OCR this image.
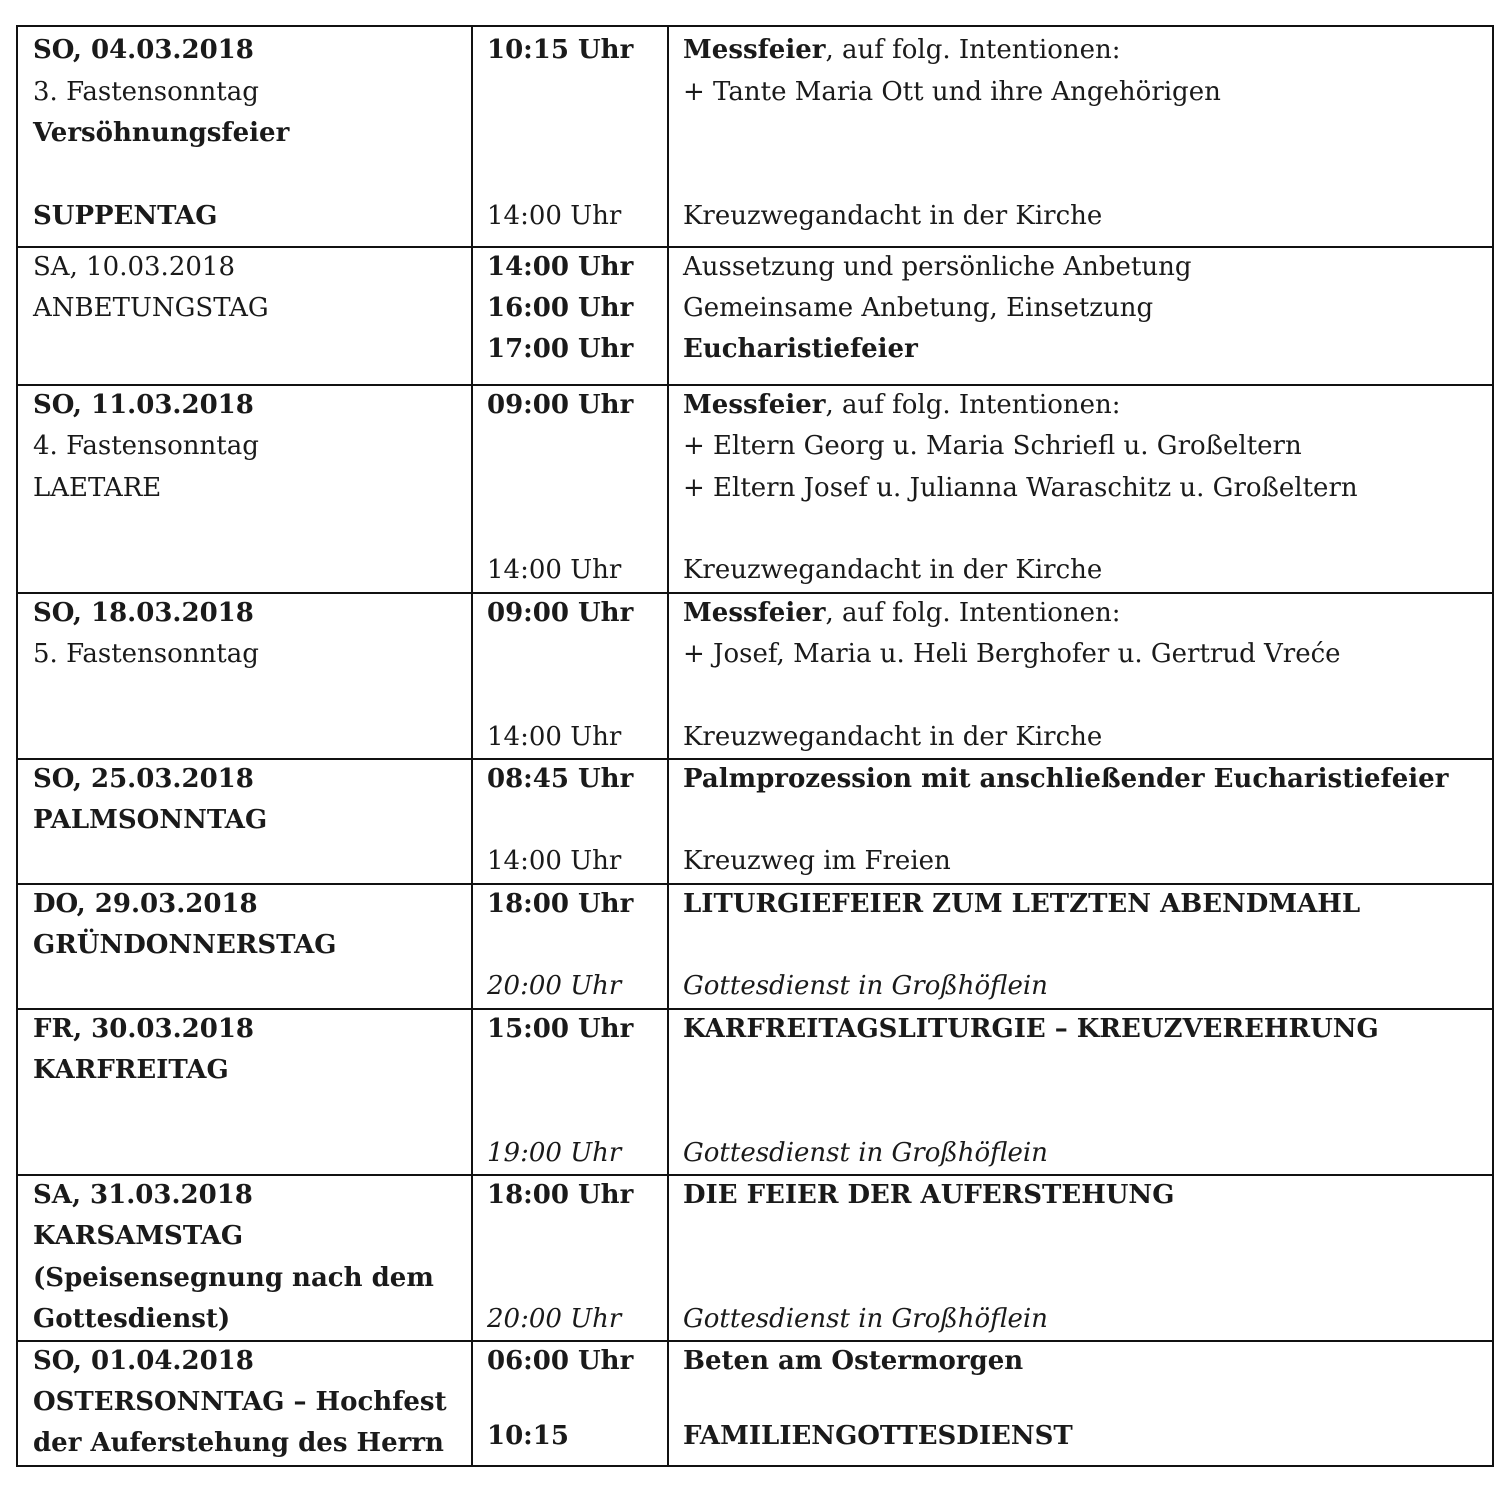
SO, 04.03.2018
3. Fastensonntag
Versöhnungsfeier
SUPPENTAG
10:15 Uhr
14:00 Uhr
Messfeier, auf folg. Intentionen:
+ Tante Maria Ott und ihre Angehörigen
Kreuzwegandacht in der Kirche
SA, 10.03.2018
ANBETUNGSTAG
14:00 Uhr
16:00 Uhr
17:00 Uhr
Aussetzung und persönliche Anbetung
Gemeinsame Anbetung, Einsetzung
Eucharistiefeier
SO, 11.03.2018
4. Fastensonntag
LAETARE
09:00 Uhr
14:00 Uhr
Messfeier, auf folg. Intentionen:
+ Eltern Georg u. Maria Schriefl u. Großeltern
+ Eltern Josef u. Julianna Waraschitz u. Großeltern
Kreuzwegandacht in der Kirche
SO, 18.03.2018
5. Fastensonntag
09:00 Uhr
14:00 Uhr
Messfeier, auf folg. Intentionen:
+ Josef, Maria u. Heli Berghofer u. Gertrud Vreće
Kreuzwegandacht in der Kirche
SO, 25.03.2018
PALMSONNTAG
08:45 Uhr
14:00 Uhr
Palmprozession mit anschließender Eucharistiefeier
Kreuzweg im Freien
DO, 29.03.2018
GRÜNDONNERSTAG
18:00 Uhr
20:00 Uhr
LITURGIEFEIER ZUM LETZTEN ABENDMAHL
Gottesdienst in Großhöflein
FR, 30.03.2018
KARFREITAG
15:00 Uhr
19:00 Uhr
KARFREITAGSLITURGIE – KREUZVEREHRUNG
Gottesdienst in Großhöflein
SA, 31.03.2018
KARSAMSTAG
(Speisensegnung nach dem
Gottesdienst)
18:00 Uhr
20:00 Uhr
DIE FEIER DER AUFERSTEHUNG
Gottesdienst in Großhöflein
SO, 01.04.2018
OSTERSONNTAG – Hochfest
der Auferstehung des Herrn
06:00 Uhr
10:15
Beten am Ostermorgen
FAMILIENGOTTESDIENST
